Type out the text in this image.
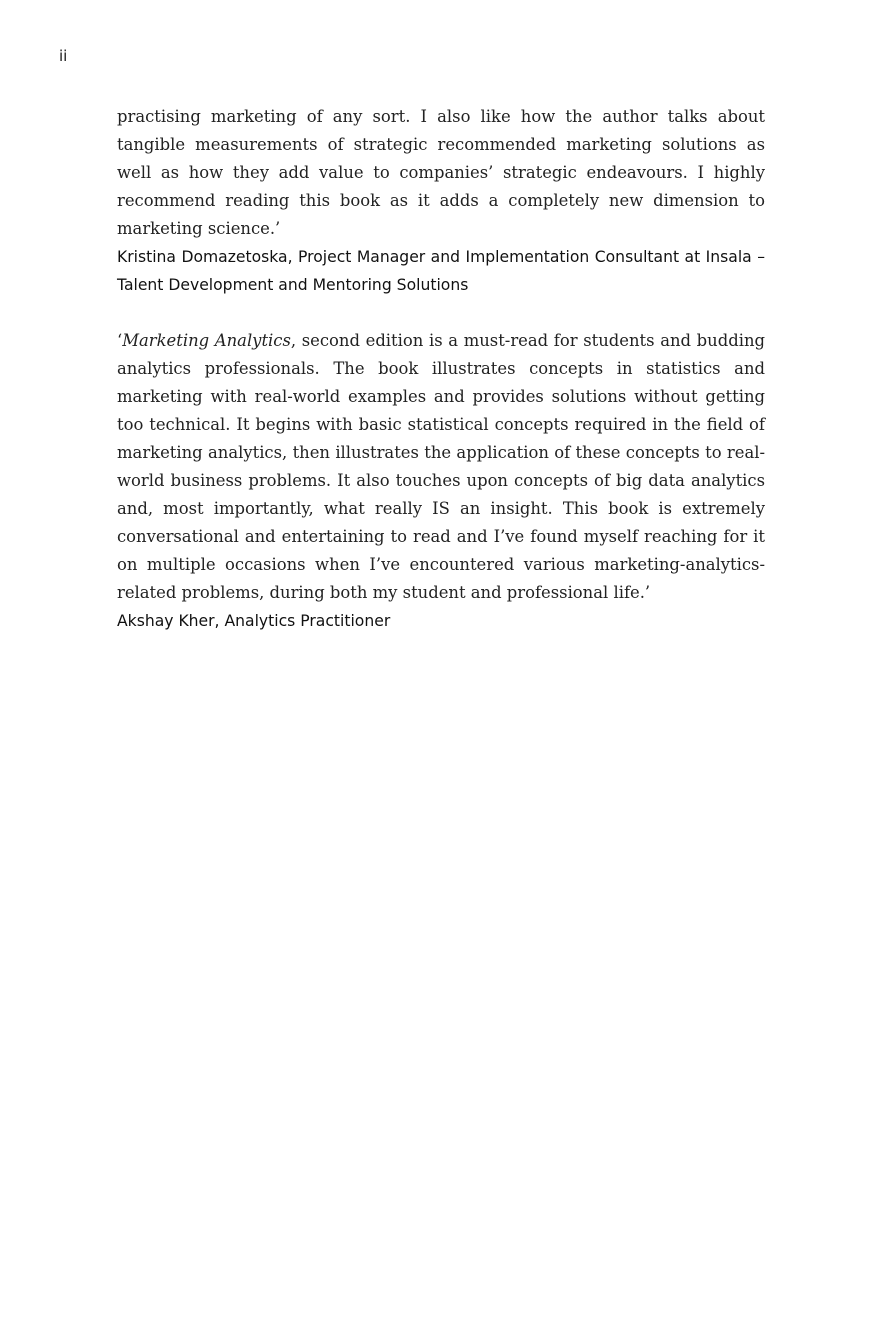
ii

practising marketing of any sort. I also like how the author talks about tangible measurements of strategic recommended marketing solutions as well as how they add value to companies’ strategic endeavours. I highly recommend reading this book as it adds a completely new dimension to marketing science.’

Kristina Domazetoska, Project Manager and Implementation Consultant at Insala – Talent Development and Mentoring Solutions

‘Marketing Analytics, second edition is a must-read for students and budding analytics professionals. The book illustrates concepts in statistics and marketing with real-world examples and provides solutions without getting too technical. It begins with basic statistical concepts required in the field of marketing analytics, then illustrates the application of these concepts to real-world business problems. It also touches upon concepts of big data analytics and, most importantly, what really IS an insight. This book is extremely conversational and entertaining to read and I’ve found myself reaching for it on multiple occasions when I’ve encountered various marketing-analytics-related problems, during both my student and professional life.’

Akshay Kher, Analytics Practitioner
